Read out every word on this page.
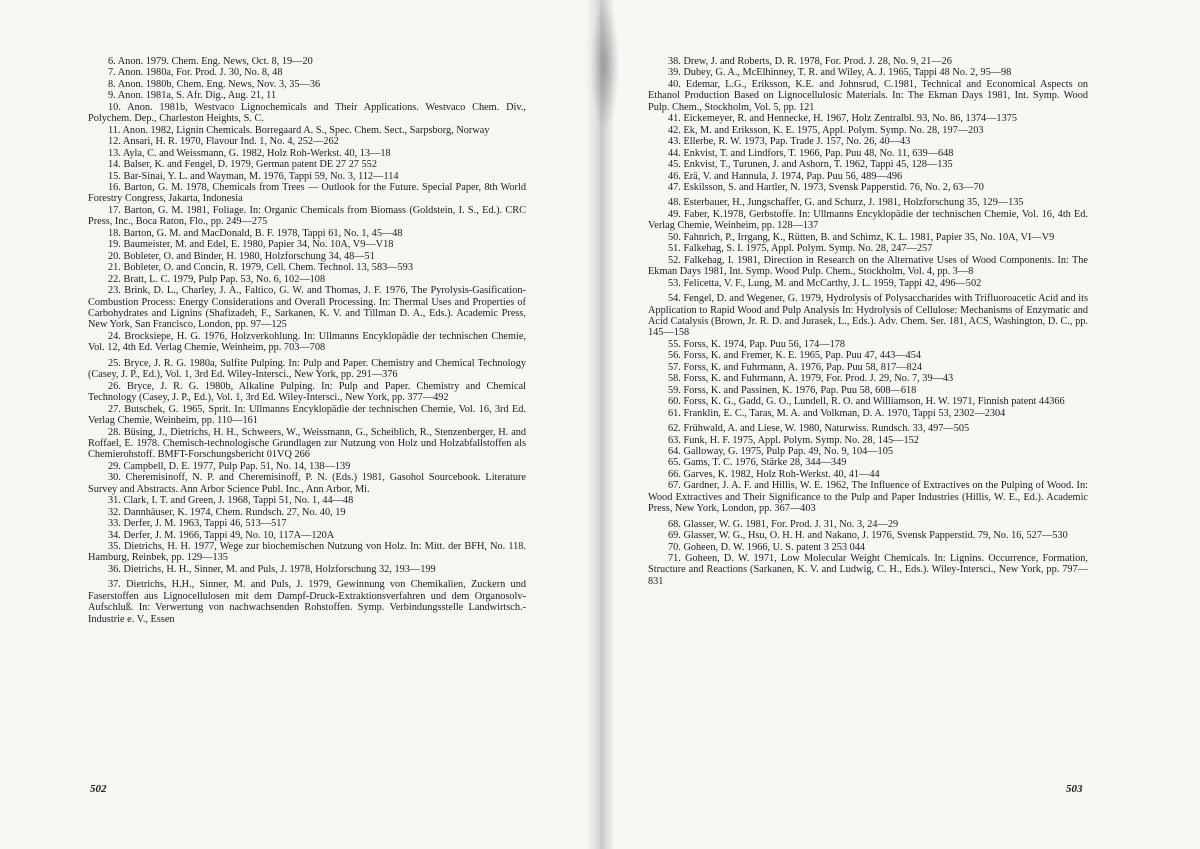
6. Anon. 1979. Chem. Eng. News, Oct. 8, 19—20

7. Anon. 1980a, For. Prod. J. 30, No. 8, 48

8. Anon. 1980b, Chem. Eng. News, Nov. 3, 35—36

9. Anon. 1981a, S. Afr. Dig., Aug. 21, 11

10. Anon. 1981b, Westvaco Lignochemicals and Their Applications. Westvaco Chem. Div., Polychem. Dep., Charleston Heights, S. C.

11. Anon. 1982, Lignin Chemicals. Borregaard A. S., Spec. Chem. Sect., Sarpsborg, Norway

12. Ansari, H. R. 1970, Flavour Ind. 1, No. 4, 252—262

13. Ayla, C. and Weissmann, G. 1982, Holz Roh-Werkst. 40, 13—18

14. Balser, K. and Fengel, D. 1979, German patent DE 27 27 552

15. Bar-Sinai, Y. L. and Wayman, M. 1976, Tappi 59, No. 3, 112—114

16. Barton, G. M. 1978, Chemicals from Trees — Outlook for the Future. Special Paper, 8th World Forestry Congress, Jakarta, Indonesia

17. Barton, G. M. 1981, Foliage. In: Organic Chemicals from Biomass (Goldstein, I. S., Ed.). CRC Press, Inc., Boca Raton, Flo., pp. 249—275

18. Barton, G. M. and MacDonald, B. F. 1978, Tappi 61, No. 1, 45—48

19. Baumeister, M. and Edel, E. 1980, Papier 34, No. 10A, V9—V18

20. Bobleter, O. and Binder, H. 1980, Holzforschung 34, 48—51

21. Bobleter, O. and Concin, R. 1979, Cell. Chem. Technol. 13, 583—593

22. Bratt, L. C. 1979, Pulp Pap. 53, No. 6, 102—108

23. Brink, D. L., Charley, J. A., Faltico, G. W. and Thomas, J. F. 1976, The Pyrolysis-Gasification-Combustion Process: Energy Considerations and Overall Processing. In: Thermal Uses and Properties of Carbohydrates and Lignins (Shafizadeh, F., Sarkanen, K. V. and Tillman D. A., Eds.). Academic Press, New York, San Francisco, London, pp. 97—125

24. Brocksiepe, H. G. 1976, Holzverkohlung. In: Ullmanns Encyklopädie der technischen Chemie, Vol. 12, 4th Ed. Verlag Chemie, Weinheim, pp. 703—708

25. Bryce, J. R. G. 1980a, Sulfite Pulping. In: Pulp and Paper. Chemistry and Chemical Technology (Casey, J. P., Ed.), Vol. 1, 3rd Ed. Wiley-Intersci., New York, pp. 291—376

26. Bryce, J. R. G. 1980b, Alkaline Pulping. In: Pulp and Paper. Chemistry and Chemical Technology (Casey, J. P., Ed.), Vol. 1, 3rd Ed. Wiley-Intersci., New York, pp. 377—492

27. Butschek, G. 1965, Sprit. In: Ullmanns Encyklopädie der technischen Chemie, Vol. 16, 3rd Ed. Verlag Chemie, Weinheim, pp. 110—161

28. Büsing, J., Dietrichs, H. H., Schweers, W., Weissmann, G., Scheiblich, R., Stenzenberger, H. and Roffael, E. 1978. Chemisch-technologische Grundlagen zur Nutzung von Holz und Holzabfallstoffen als Chemierohstoff. BMFT-Forschungsbericht 01VQ 266

29. Campbell, D. E. 1977, Pulp Pap. 51, No. 14, 138—139

30. Cheremisinoff, N. P. and Cheremisinoff, P. N. (Eds.) 1981, Gasohol Sourcebook. Literature Survey and Abstracts. Ann Arbor Science Publ. Inc., Ann Arbor, Mi.

31. Clark, I. T. and Green, J. 1968, Tappi 51, No. 1, 44—48

32. Dannhäuser, K. 1974, Chem. Rundsch. 27, No. 40, 19

33. Derfer, J. M. 1963, Tappi 46, 513—517

34. Derfer, J. M. 1966, Tappi 49, No. 10, 117A—120A

35. Dietrichs, H. H. 1977, Wege zur biochemischen Nutzung von Holz. In: Mitt. der BFH, No. 118. Hamburg, Reinbek, pp. 129—135

36. Dietrichs, H. H., Sinner, M. and Puls, J. 1978, Holzforschung 32, 193—199

37. Dietrichs, H.H., Sinner, M. and Puls, J. 1979, Gewinnung von Chemikalien, Zuckern und Faserstoffen aus Lignocellulosen mit dem Dampf-Druck-Extraktionsverfahren und dem Organosolv-Aufschluß. In: Verwertung von nachwachsenden Rohstoffen. Symp. Verbindungsstelle Landwirtsch.-Industrie e. V., Essen

502

38. Drew, J. and Roberts, D. R. 1978, For. Prod. J. 28, No. 9, 21—26

39. Dubey, G. A., McElhinney, T. R. and Wiley, A. J. 1965, Tappi 48 No. 2, 95—98

40. Edemar, L.G., Eriksson, K.E. and Johnsrud, C.1981, Technical and Economical Aspects on Ethanol Production Based on Lignocellulosic Materials. In: The Ekman Days 1981, Int. Symp. Wood Pulp. Chem., Stockholm, Vol. 5, pp. 121

41. Eickemeyer, R. and Hennecke, H. 1967, Holz Zentralbl. 93, No. 86, 1374—1375

42. Ek, M. and Eriksson, K. E. 1975, Appl. Polym. Symp. No. 28, 197—203

43. Ellerbe, R. W. 1973, Pap. Trade J. 157, No. 26, 40—43

44. Enkvist, T. and Lindfors, T. 1966, Pap. Puu 48, No. 11, 639—648

45. Enkvist, T., Turunen, J. and Ashorn, T. 1962, Tappi 45, 128—135

46. Erä, V. and Hannula, J. 1974, Pap. Puu 56, 489—496

47. Eskilsson, S. and Hartler, N. 1973, Svensk Papperstid. 76, No. 2, 63—70

48. Esterbauer, H., Jungschaffer, G. and Schurz, J. 1981, Holzforschung 35, 129—135

49. Faber, K.1978, Gerbstoffe. In: Ullmanns Encyklopädie der technischen Chemie, Vol. 16, 4th Ed. Verlag Chemie, Weinheim, pp. 128—137

50. Fahnrich, P., Irrgang, K., Rütten, B. and Schimz, K. L. 1981, Papier 35, No. 10A, VI—V9

51. Falkehag, S. I. 1975, Appl. Polym. Symp. No. 28, 247—257

52. Falkehag, I. 1981, Direction in Research on the Alternative Uses of Wood Components. In: The Ekman Days 1981, Int. Symp. Wood Pulp. Chem., Stockholm, Vol. 4, pp. 3—8

53. Felicetta, V. F., Lung, M. and McCarthy, J. L. 1959, Tappi 42, 496—502

54. Fengel, D. and Wegener, G. 1979, Hydrolysis of Polysaccharides with Trifluoroacetic Acid and its Application to Rapid Wood and Pulp Analysis In: Hydrolysis of Cellulose: Mechanisms of Enzymatic and Acid Catalysis (Brown, Jr. R. D. and Jurasek, L., Eds.). Adv. Chem. Ser. 181, ACS, Washington, D. C., pp. 145—158

55. Forss, K. 1974, Pap. Puu 56, 174—178

56. Forss, K. and Fremer, K. E. 1965, Pap. Puu 47, 443—454

57. Forss, K. and Fuhrmann, A. 1976, Pap. Puu 58, 817—824

58. Forss, K. and Fuhrmann, A. 1979, For. Prod. J. 29, No. 7, 39—43

59. Forss, K. and Passinen, K. 1976, Pap. Puu 58, 608—618

60. Forss, K. G., Gadd, G. O., Lundell, R. O. and Williamson, H. W. 1971, Finnish patent 44366

61. Franklin, E. C., Taras, M. A. and Volkman, D. A. 1970, Tappi 53, 2302—2304

62. Frühwald, A. and Liese, W. 1980, Naturwiss. Rundsch. 33, 497—505

63. Funk, H. F. 1975, Appl. Polym. Symp. No. 28, 145—152

64. Galloway, G. 1975, Pulp Pap. 49, No. 9, 104—105

65. Gams, T. C. 1976, Stärke 28, 344—349

66. Garves, K. 1982, Holz Roh-Werkst. 40, 41—44

67. Gardner, J. A. F. and Hillis, W. E. 1962, The Influence of Extractives on the Pulping of Wood. In: Wood Extractives and Their Significance to the Pulp and Paper Industries (Hillis, W. E., Ed.). Academic Press, New York, London, pp. 367—403

68. Glasser, W. G. 1981, For. Prod. J. 31, No. 3, 24—29

69. Glasser, W. G., Hsu, O. H. H. and Nakano, J. 1976, Svensk Papperstid. 79, No. 16, 527—530

70. Goheen, D. W. 1966, U. S. patent 3 253 044

71. Goheen, D. W. 1971, Low Molecular Weight Chemicals. In: Lignins. Occurrence, Formation, Structure and Reactions (Sarkanen, K. V. and Ludwig, C. H., Eds.). Wiley-Intersci., New York, pp. 797—831

503
